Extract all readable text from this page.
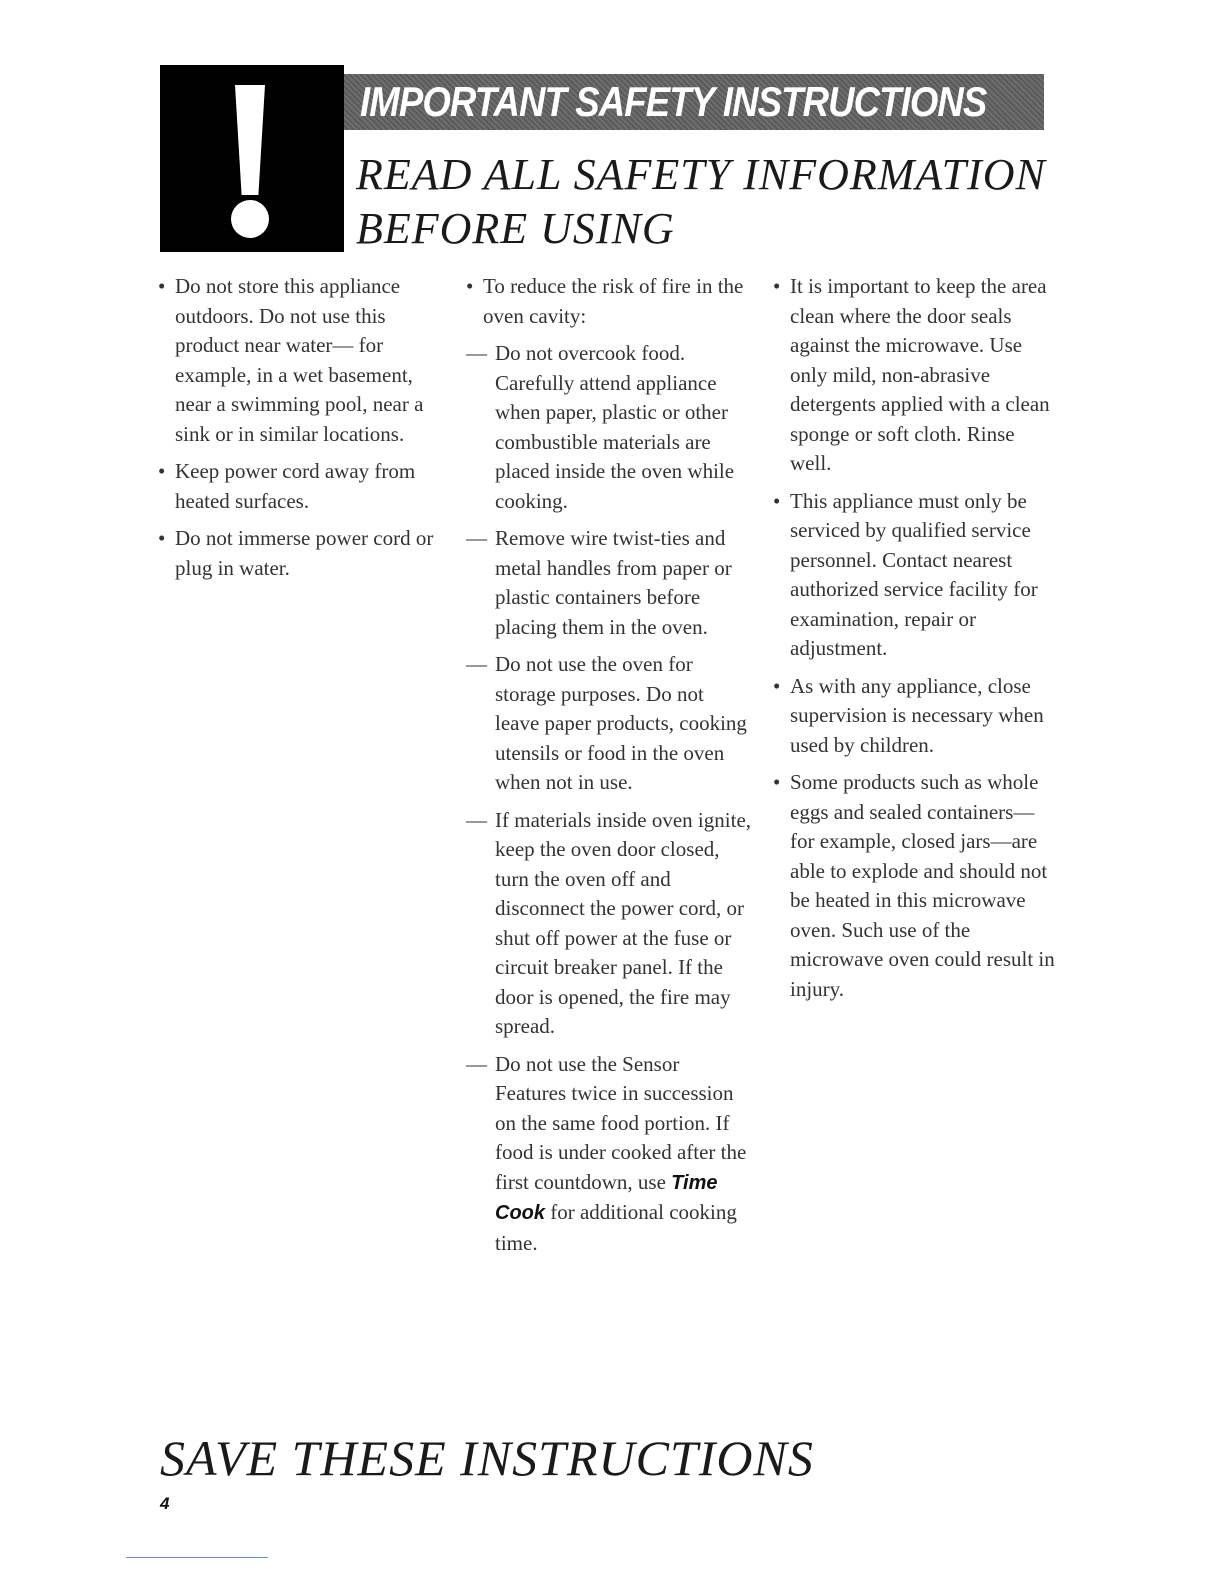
IMPORTANT SAFETY INSTRUCTIONS
READ ALL SAFETY INFORMATION
BEFORE USING
• Do not store this appliance outdoors. Do not use this product near water— for example, in a wet basement, near a swimming pool, near a sink or in similar locations.
• Keep power cord away from heated surfaces.
• Do not immerse power cord or plug in water.
• To reduce the risk of fire in the oven cavity:
— Do not overcook food. Carefully attend appliance when paper, plastic or other combustible materials are placed inside the oven while cooking.
— Remove wire twist-ties and metal handles from paper or plastic containers before placing them in the oven.
— Do not use the oven for storage purposes. Do not leave paper products, cooking utensils or food in the oven when not in use.
— If materials inside oven ignite, keep the oven door closed, turn the oven off and disconnect the power cord, or shut off power at the fuse or circuit breaker panel. If the door is opened, the fire may spread.
— Do not use the Sensor Features twice in succession on the same food portion. If food is under cooked after the first countdown, use Time Cook for additional cooking time.
• It is important to keep the area clean where the door seals against the microwave. Use only mild, non-abrasive detergents applied with a clean sponge or soft cloth. Rinse well.
• This appliance must only be serviced by qualified service personnel. Contact nearest authorized service facility for examination, repair or adjustment.
• As with any appliance, close supervision is necessary when used by children.
• Some products such as whole eggs and sealed containers—for example, closed jars—are able to explode and should not be heated in this microwave oven. Such use of the microwave oven could result in injury.
SAVE THESE INSTRUCTIONS
4
